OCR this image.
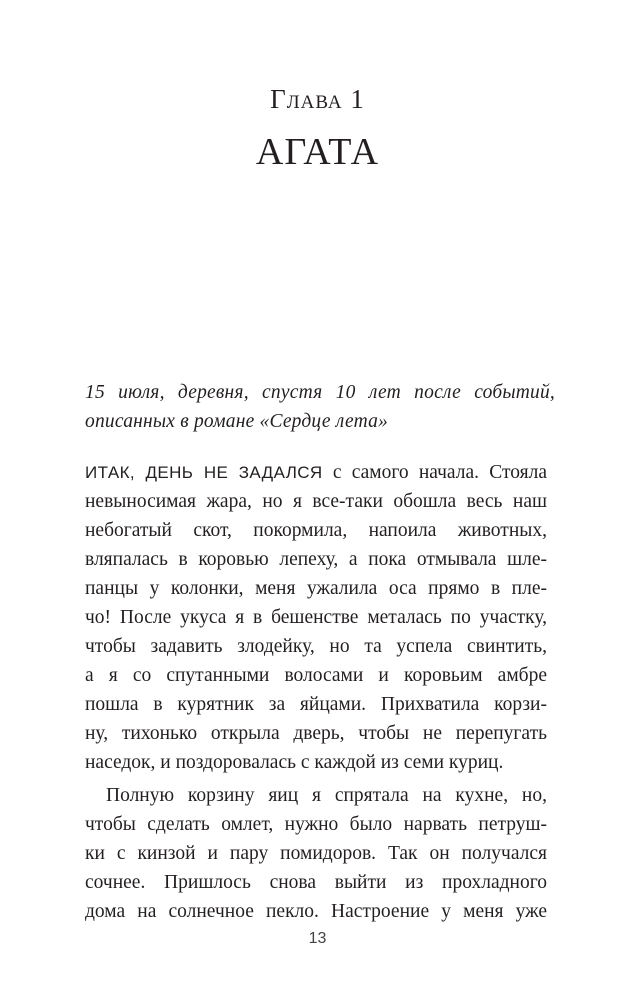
Глава 1
АГАТА
15 июля, деревня, спустя 10 лет после событий,
описанных в романе «Сердце лета»
ИТАК, ДЕНЬ НЕ ЗАДАЛСЯ с самого начала. Стояла
невыносимая жара, но я все-таки обошла весь наш
небогатый скот, покормила, напоила животных,
вляпалась в коровью лепеху, а пока отмывала шле-
панцы у колонки, меня ужалила оса прямо в пле-
чо! После укуса я в бешенстве металась по участку,
чтобы задавить злодейку, но та успела свинтить,
а я со спутанными волосами и коровьим амбре
пошла в курятник за яйцами. Прихватила корзи-
ну, тихонько открыла дверь, чтобы не перепугать
наседок, и поздоровалась с каждой из семи куриц.
Полную корзину яиц я спрятала на кухне, но,
чтобы сделать омлет, нужно было нарвать петруш-
ки с кинзой и пару помидоров. Так он получался
сочнее. Пришлось снова выйти из прохладного
дома на солнечное пекло. Настроение у меня уже
13
